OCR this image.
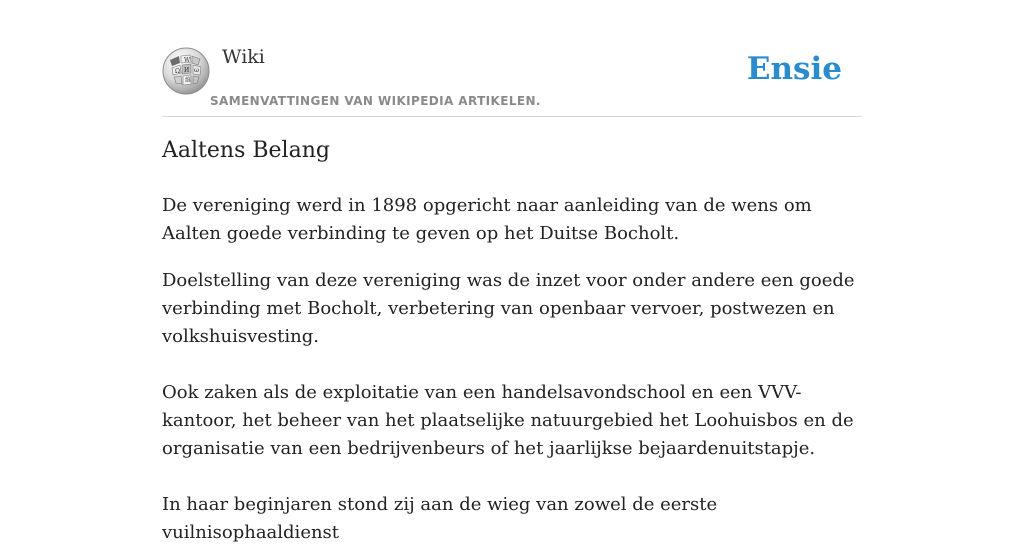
W
Ω И ω
維
Wiki
SAMENVATTINGEN VAN WIKIPEDIA ARTIKELEN.
Ensie
Aaltens Belang

De vereniging werd in 1898 opgericht naar aanleiding van de wens om Aalten goede verbinding te geven op het Duitse Bocholt.

Doelstelling van deze vereniging was de inzet voor onder andere een goede verbinding met Bocholt, verbetering van openbaar vervoer, postwezen en volkshuisvesting.

Ook zaken als de exploitatie van een handelsavondschool en een VVV-kantoor, het beheer van het plaatselijke natuurgebied het Loohuisbos en de organisatie van een bedrijvenbeurs of het jaarlijkse bejaardenuitstapje.

In haar beginjaren stond zij aan de wieg van zowel de eerste vuilnisophaaldienst
